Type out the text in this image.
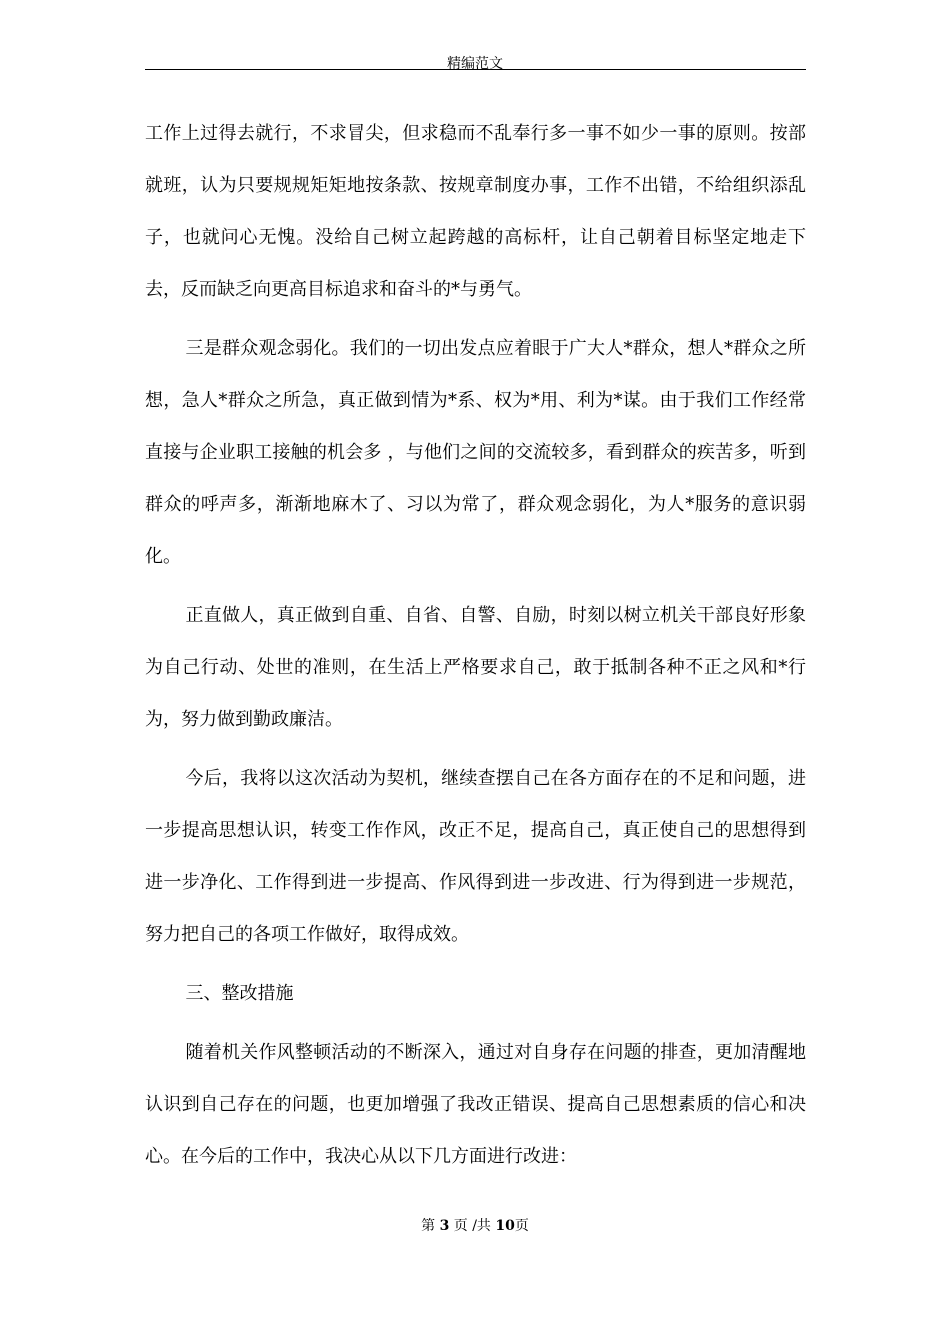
精编范文

工作上过得去就行，不求冒尖，但求稳而不乱奉行多一事不如少一事的原则。按部就班，认为只要规规矩矩地按条款、按规章制度办事，工作不出错，不给组织添乱子，也就问心无愧。没给自己树立起跨越的高标杆，让自己朝着目标坚定地走下去，反而缺乏向更高目标追求和奋斗的*与勇气。

三是群众观念弱化。我们的一切出发点应着眼于广大人*群众，想人*群众之所想，急人*群众之所急，真正做到情为*系、权为*用、利为*谋。由于我们工作经常直接与企业职工接触的机会多 ，与他们之间的交流较多，看到群众的疾苦多，听到群众的呼声多，渐渐地麻木了、习以为常了，群众观念弱化，为人*服务的意识弱化。

正直做人，真正做到自重、自省、自警、自励，时刻以树立机关干部良好形象为自己行动、处世的准则，在生活上严格要求自己，敢于抵制各种不正之风和*行为，努力做到勤政廉洁。

今后，我将以这次活动为契机，继续查摆自己在各方面存在的不足和问题，进一步提高思想认识，转变工作作风，改正不足，提高自己，真正使自己的思想得到进一步净化、工作得到进一步提高、作风得到进一步改进、行为得到进一步规范，努力把自己的各项工作做好，取得成效。

三、整改措施

随着机关作风整顿活动的不断深入，通过对自身存在问题的排查，更加清醒地认识到自己存在的问题，也更加增强了我改正错误、提高自己思想素质的信心和决心。在今后的工作中，我决心从以下几方面进行改进：

第 3 页 /共 10页
